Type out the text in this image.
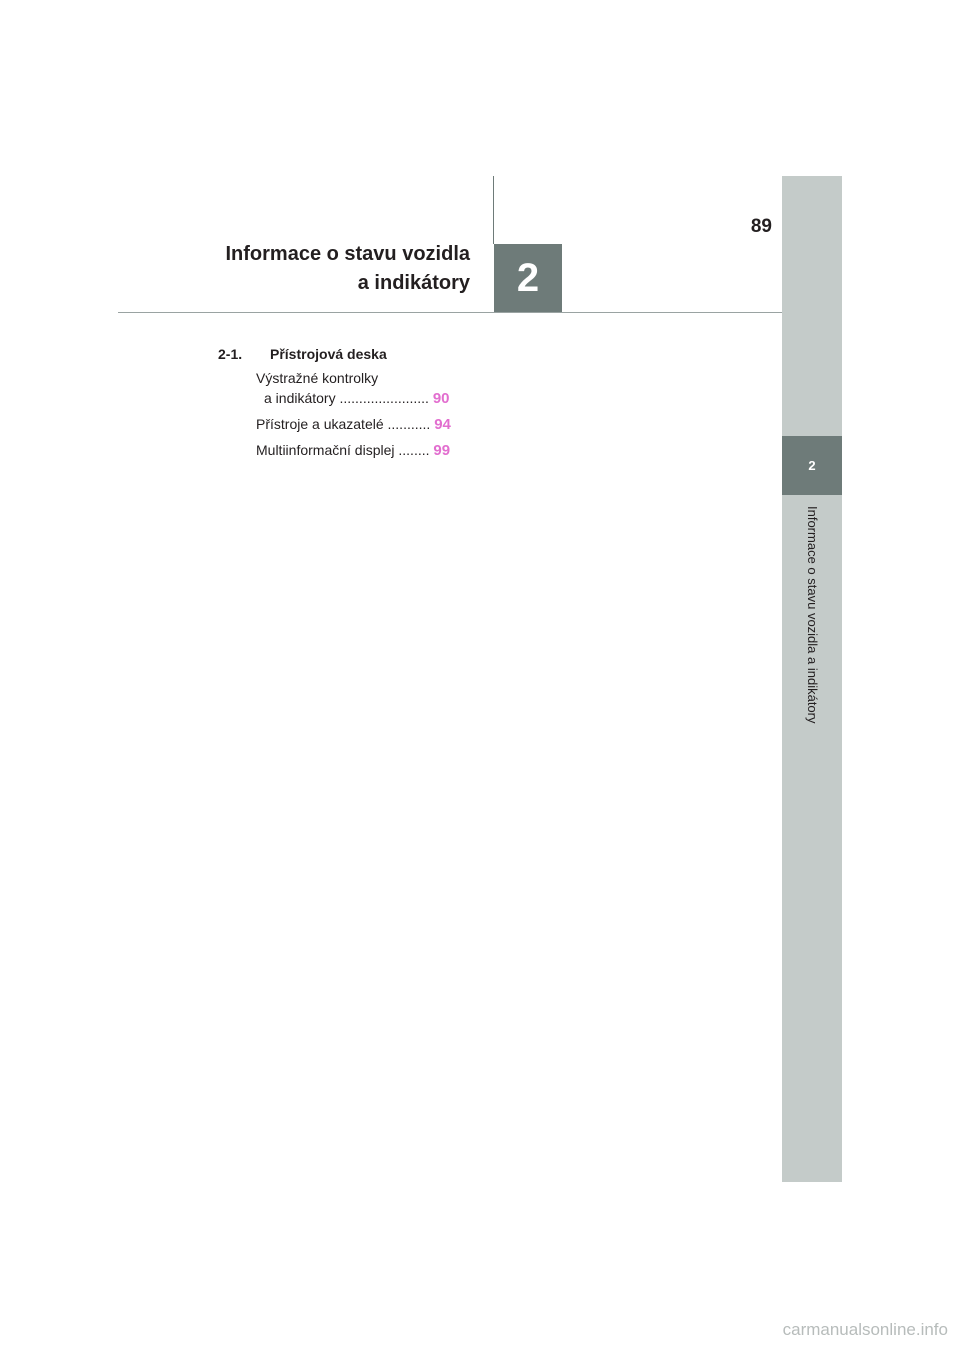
2
Informace o stavu vozidla a indikátory
2
89
Informace o stavu vozidla
a indikátory
2-1. Přístrojová deska
Výstražné kontrolky
a indikátory ....................... 90
Přístroje a ukazatelé ........... 94
Multiinformační displej ........ 99
carmanualsonline.info
